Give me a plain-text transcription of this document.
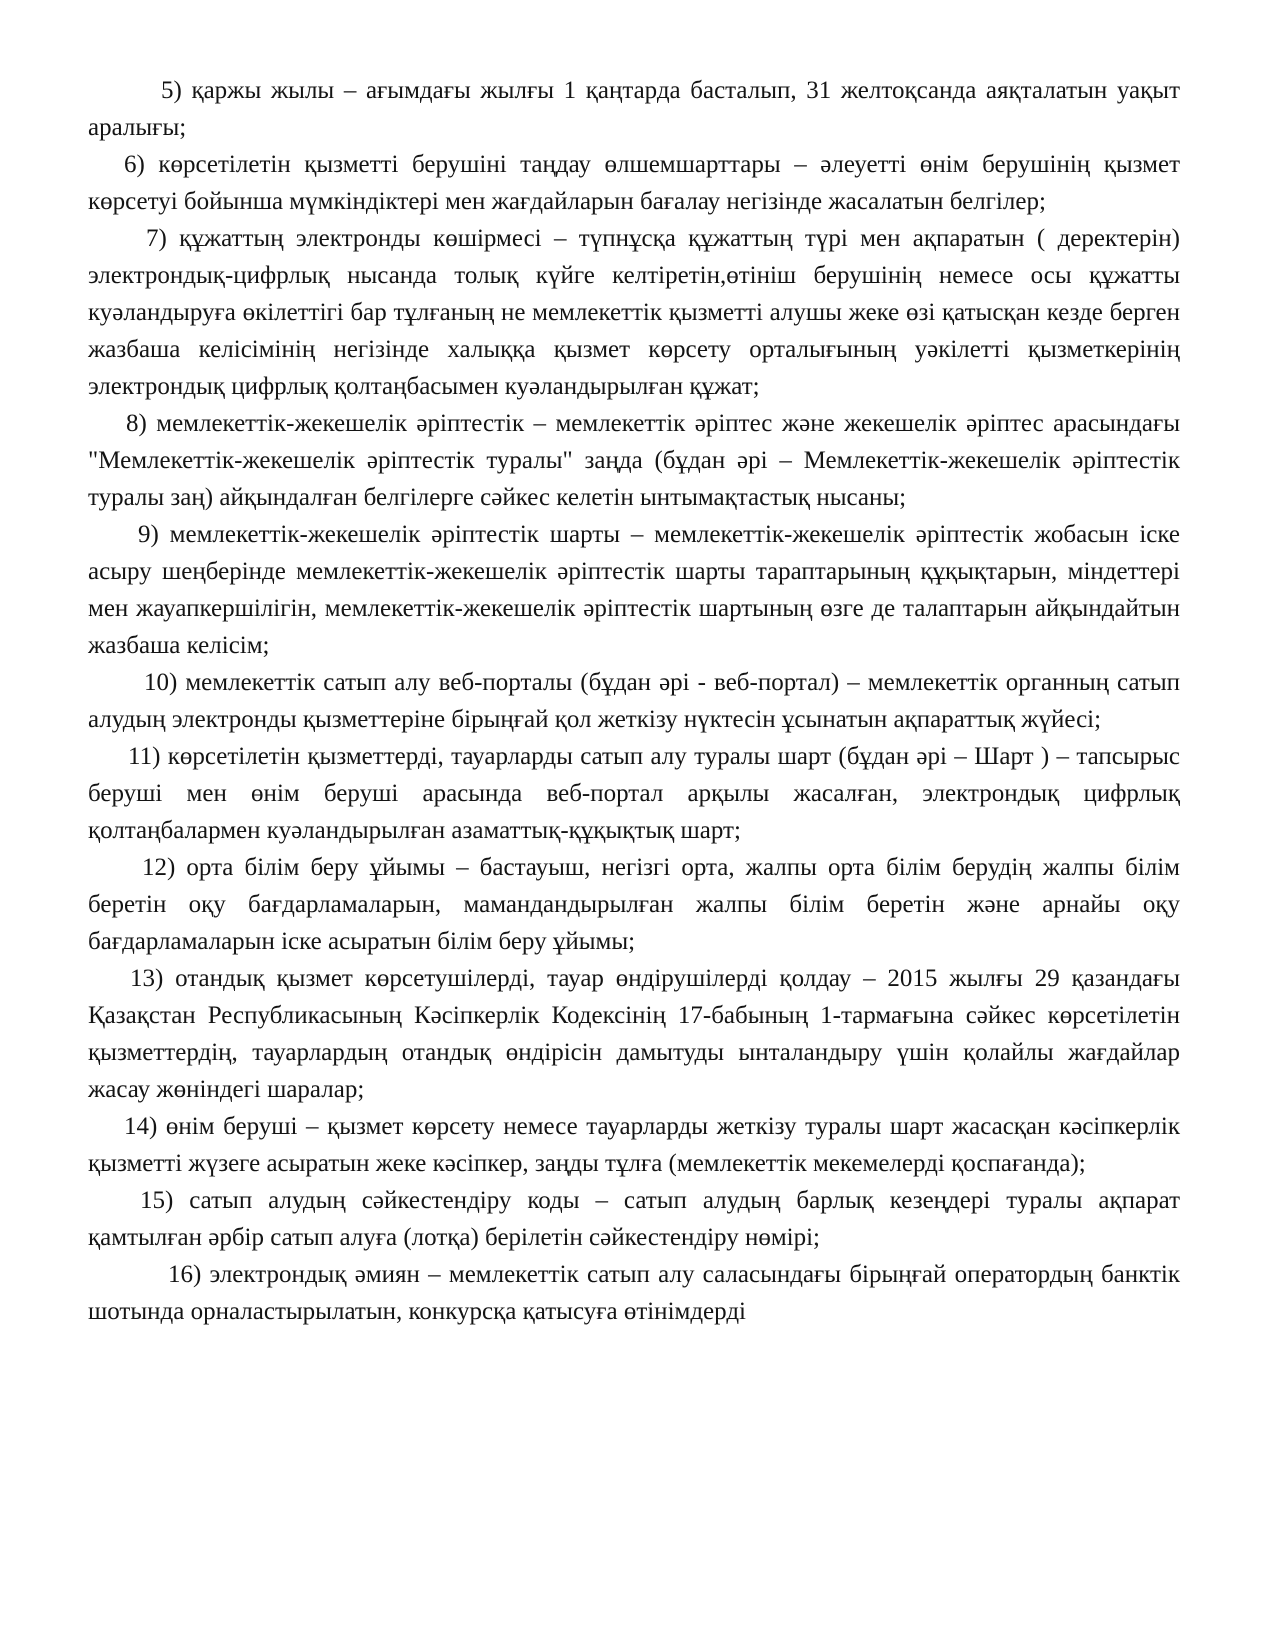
5) қаржы жылы – ағымдағы жылғы 1 қаңтарда басталып, 31 желтоқсанда аяқталатын уақыт аралығы;

6) көрсетілетін қызметті берушіні таңдау өлшемшарттары – әлеуетті өнім берушінің қызмет көрсетуі бойынша мүмкіндіктері мен жағдайларын бағалау негізінде жасалатын белгілер;

7) құжаттың электронды көшірмесі – түпнұсқа құжаттың түрі мен ақпаратын ( деректерін) электрондық-цифрлық нысанда толық күйге келтіретін,өтініш берушінің немесе осы құжатты куәландыруға өкілеттігі бар тұлғаның не мемлекеттік қызметті алушы жеке өзі қатысқан кезде берген жазбаша келісімінің негізінде халыққа қызмет көрсету орталығының уәкілетті қызметкерінің электрондық цифрлық қолтаңбасымен куәландырылған құжат;

8) мемлекеттік-жекешелік әріптестік – мемлекеттік әріптес және жекешелік әріптес арасындағы "Мемлекеттік-жекешелік әріптестік туралы" заңда (бұдан әрі – Мемлекеттік-жекешелік әріптестік туралы заң) айқындалған белгілерге сәйкес келетін ынтымақтастық нысаны;

9) мемлекеттік-жекешелік әріптестік шарты – мемлекеттік-жекешелік әріптестік жобасын іске асыру шеңберінде мемлекеттік-жекешелік әріптестік шарты тараптарының құқықтарын, міндеттері мен жауапкершілігін, мемлекеттік-жекешелік әріптестік шартының өзге де талаптарын айқындайтын жазбаша келісім;

10) мемлекеттік сатып алу веб-порталы (бұдан әрі - веб-портал) – мемлекеттік органның сатып алудың электронды қызметтеріне бірыңғай қол жеткізу нүктесін ұсынатын ақпараттық жүйесі;

11) көрсетілетін қызметтерді, тауарларды сатып алу туралы шарт (бұдан әрі – Шарт ) – тапсырыс беруші мен өнім беруші арасында веб-портал арқылы жасалған, электрондық цифрлық қолтаңбалармен куәландырылған азаматтық-құқықтық шарт;

12) орта білім беру ұйымы – бастауыш, негізгі орта, жалпы орта білім берудің жалпы білім беретін оқу бағдарламаларын, мамандандырылған жалпы білім беретін және арнайы оқу бағдарламаларын іске асыратын білім беру ұйымы;

13) отандық қызмет көрсетушілерді, тауар өндірушілерді қолдау – 2015 жылғы 29 қазандағы Қазақстан Республикасының Кәсіпкерлік Кодексінің 17-бабының 1-тармағына сәйкес көрсетілетін қызметтердің, тауарлардың отандық өндірісін дамытуды ынталандыру үшін қолайлы жағдайлар жасау жөніндегі шаралар;

14) өнім беруші – қызмет көрсету немесе тауарларды жеткізу туралы шарт жасасқан кәсіпкерлік қызметті жүзеге асыратын жеке кәсіпкер, заңды тұлға (мемлекеттік мекемелерді қоспағанда);

15) сатып алудың сәйкестендіру коды – сатып алудың барлық кезеңдері туралы ақпарат қамтылған әрбір сатып алуға (лотқа) берілетін сәйкестендіру нөмірі;

16) электрондық әмиян – мемлекеттік сатып алу саласындағы бірыңғай оператордың банктік шотында орналастырылатын, конкурсқа қатысуға өтінімдерді
